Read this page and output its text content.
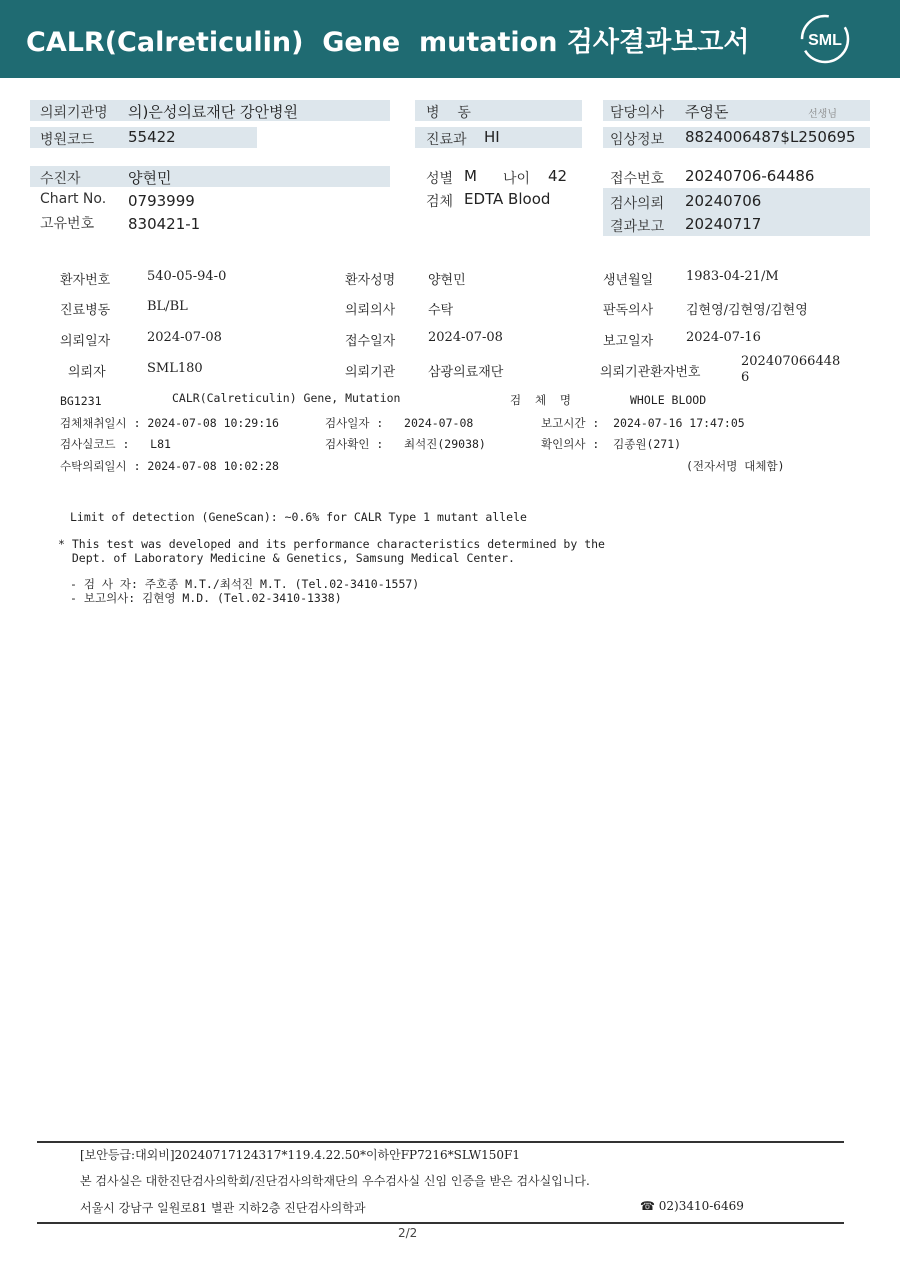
CALR(Calreticulin)  Gene  mutation 검사결과보고서	SML
의뢰기관명 의)은성의료재단 강안병원
병원코드 55422
병    동
진료과 HI
담당의사 주영돈	선생님
임상정보 8824006487$L250695
수진자	양현민
Chart No. 0793999
고유번호 830421-1
성별 M 나이 42
검체 EDTA Blood
접수번호 20240706-64486
검사의뢰 20240706
결과보고 20240717
환자번호	540-05-94-0	환자성명	양현민	생년월일	1983-04-21/M
진료병동	BL/BL	의뢰의사	수탁	판독의사	김현영/김현영/김현영
의뢰일자	2024-07-08	접수일자	2024-07-08	보고일자	2024-07-16
의뢰자	SML180	의뢰기관	삼광의료재단	의뢰기관환자번호
202407066448
6
BG1231	CALR(Calreticulin) Gene, Mutation	검  체  명	WHOLE BLOOD
검체채취일시 : 2024-07-08 10:29:16	검사일자 :   2024-07-08	보고시간 :  2024-07-16 17:47:05
검사실코드 :   L81	검사확인 :   최석진(29038)	확인의사 :  김종원(271)
수탁의뢰일시 : 2024-07-08 10:02:28	(전자서명 대체함)
Limit of detection (GeneScan): ~0.6% for CALR Type 1 mutant allele
* This test was developed and its performance characteristics determined by the
Dept. of Laboratory Medicine & Genetics, Samsung Medical Center.
- 검 사 자: 주호종 M.T./최석진 M.T. (Tel.02-3410-1557)
- 보고의사: 김현영 M.D. (Tel.02-3410-1338)
[보안등급:대외비]20240717124317*119.4.22.50*이하안FP7216*SLW150F1
본 검사실은 대한진단검사의학회/진단검사의학재단의 우수검사실 신임 인증을 받은 검사실입니다.
서울시 강남구 일원로81 별관 지하2층 진단검사의학과	☎ 02)3410-6469
2/2
